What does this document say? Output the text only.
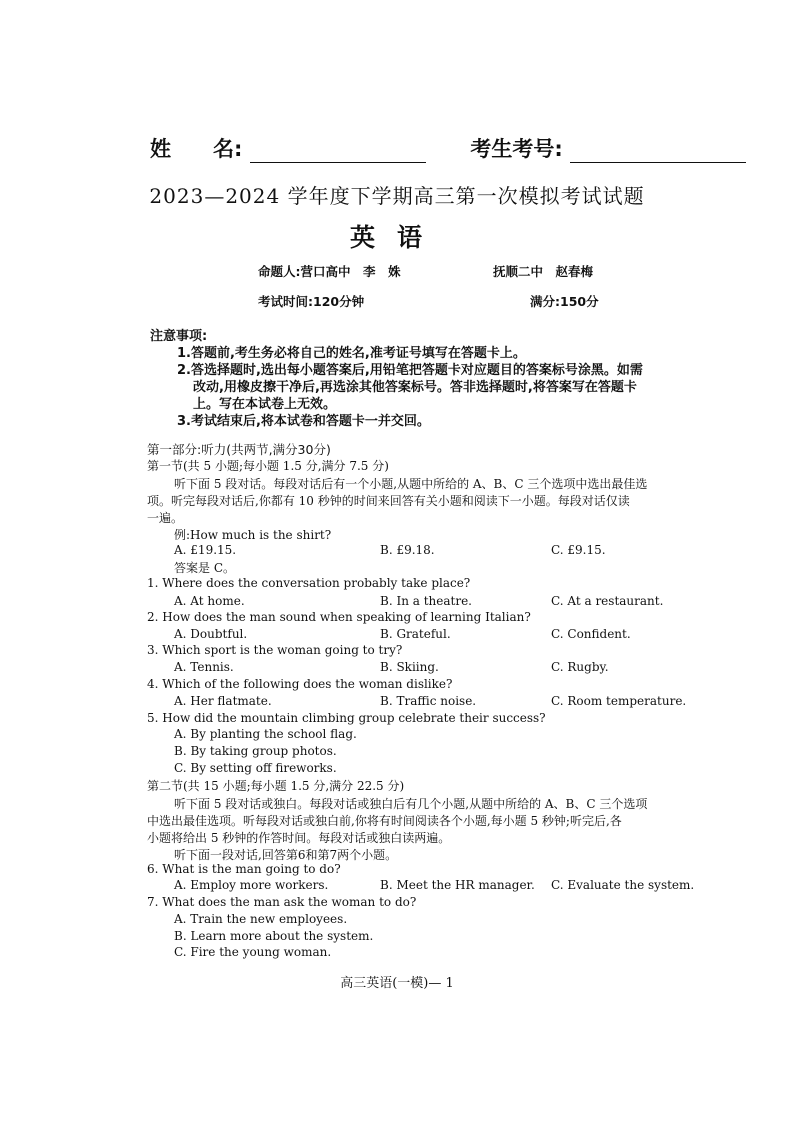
姓　　名:	考生考号:
2023—2024 学年度下学期高三第一次模拟考试试题
英语
命题人:营口高中　李　姝	抚顺二中　赵春梅
考试时间:120分钟	满分:150分
注意事项:
1.答题前,考生务必将自己的姓名,准考证号填写在答题卡上。
2.答选择题时,选出每小题答案后,用铅笔把答题卡对应题目的答案标号涂黑。如需
改动,用橡皮擦干净后,再选涂其他答案标号。答非选择题时,将答案写在答题卡
上。写在本试卷上无效。
3.考试结束后,将本试卷和答题卡一并交回。
第一部分:听力(共两节,满分30分)
第一节(共 5 小题;每小题 1.5 分,满分 7.5 分)
听下面 5 段对话。每段对话后有一个小题,从题中所给的 A、B、C 三个选项中选出最佳选
项。听完每段对话后,你都有 10 秒钟的时间来回答有关小题和阅读下一小题。每段对话仅读
一遍。
例:How much is the shirt?
A. £19.15.	B. £9.18.	C. £9.15.
答案是 C。
1. Where does the conversation probably take place?
A. At home.	B. In a theatre.	C. At a restaurant.
2. How does the man sound when speaking of learning Italian?
A. Doubtful.	B. Grateful.	C. Confident.
3. Which sport is the woman going to try?
A. Tennis.	B. Skiing.	C. Rugby.
4. Which of the following does the woman dislike?
A. Her flatmate.	B. Traffic noise.	C. Room temperature.
5. How did the mountain climbing group celebrate their success?
A. By planting the school flag.
B. By taking group photos.
C. By setting off fireworks.
第二节(共 15 小题;每小题 1.5 分,满分 22.5 分)
听下面 5 段对话或独白。每段对话或独白后有几个小题,从题中所给的 A、B、C 三个选项
中选出最佳选项。听每段对话或独白前,你将有时间阅读各个小题,每小题 5 秒钟;听完后,各
小题将给出 5 秒钟的作答时间。每段对话或独白读两遍。
听下面一段对话,回答第6和第7两个小题。
6. What is the man going to do?
A. Employ more workers.	B. Meet the HR manager. C. Evaluate the system.
7. What does the man ask the woman to do?
A. Train the new employees.
B. Learn more about the system.
C. Fire the young woman.
高三英语(一模)— 1
